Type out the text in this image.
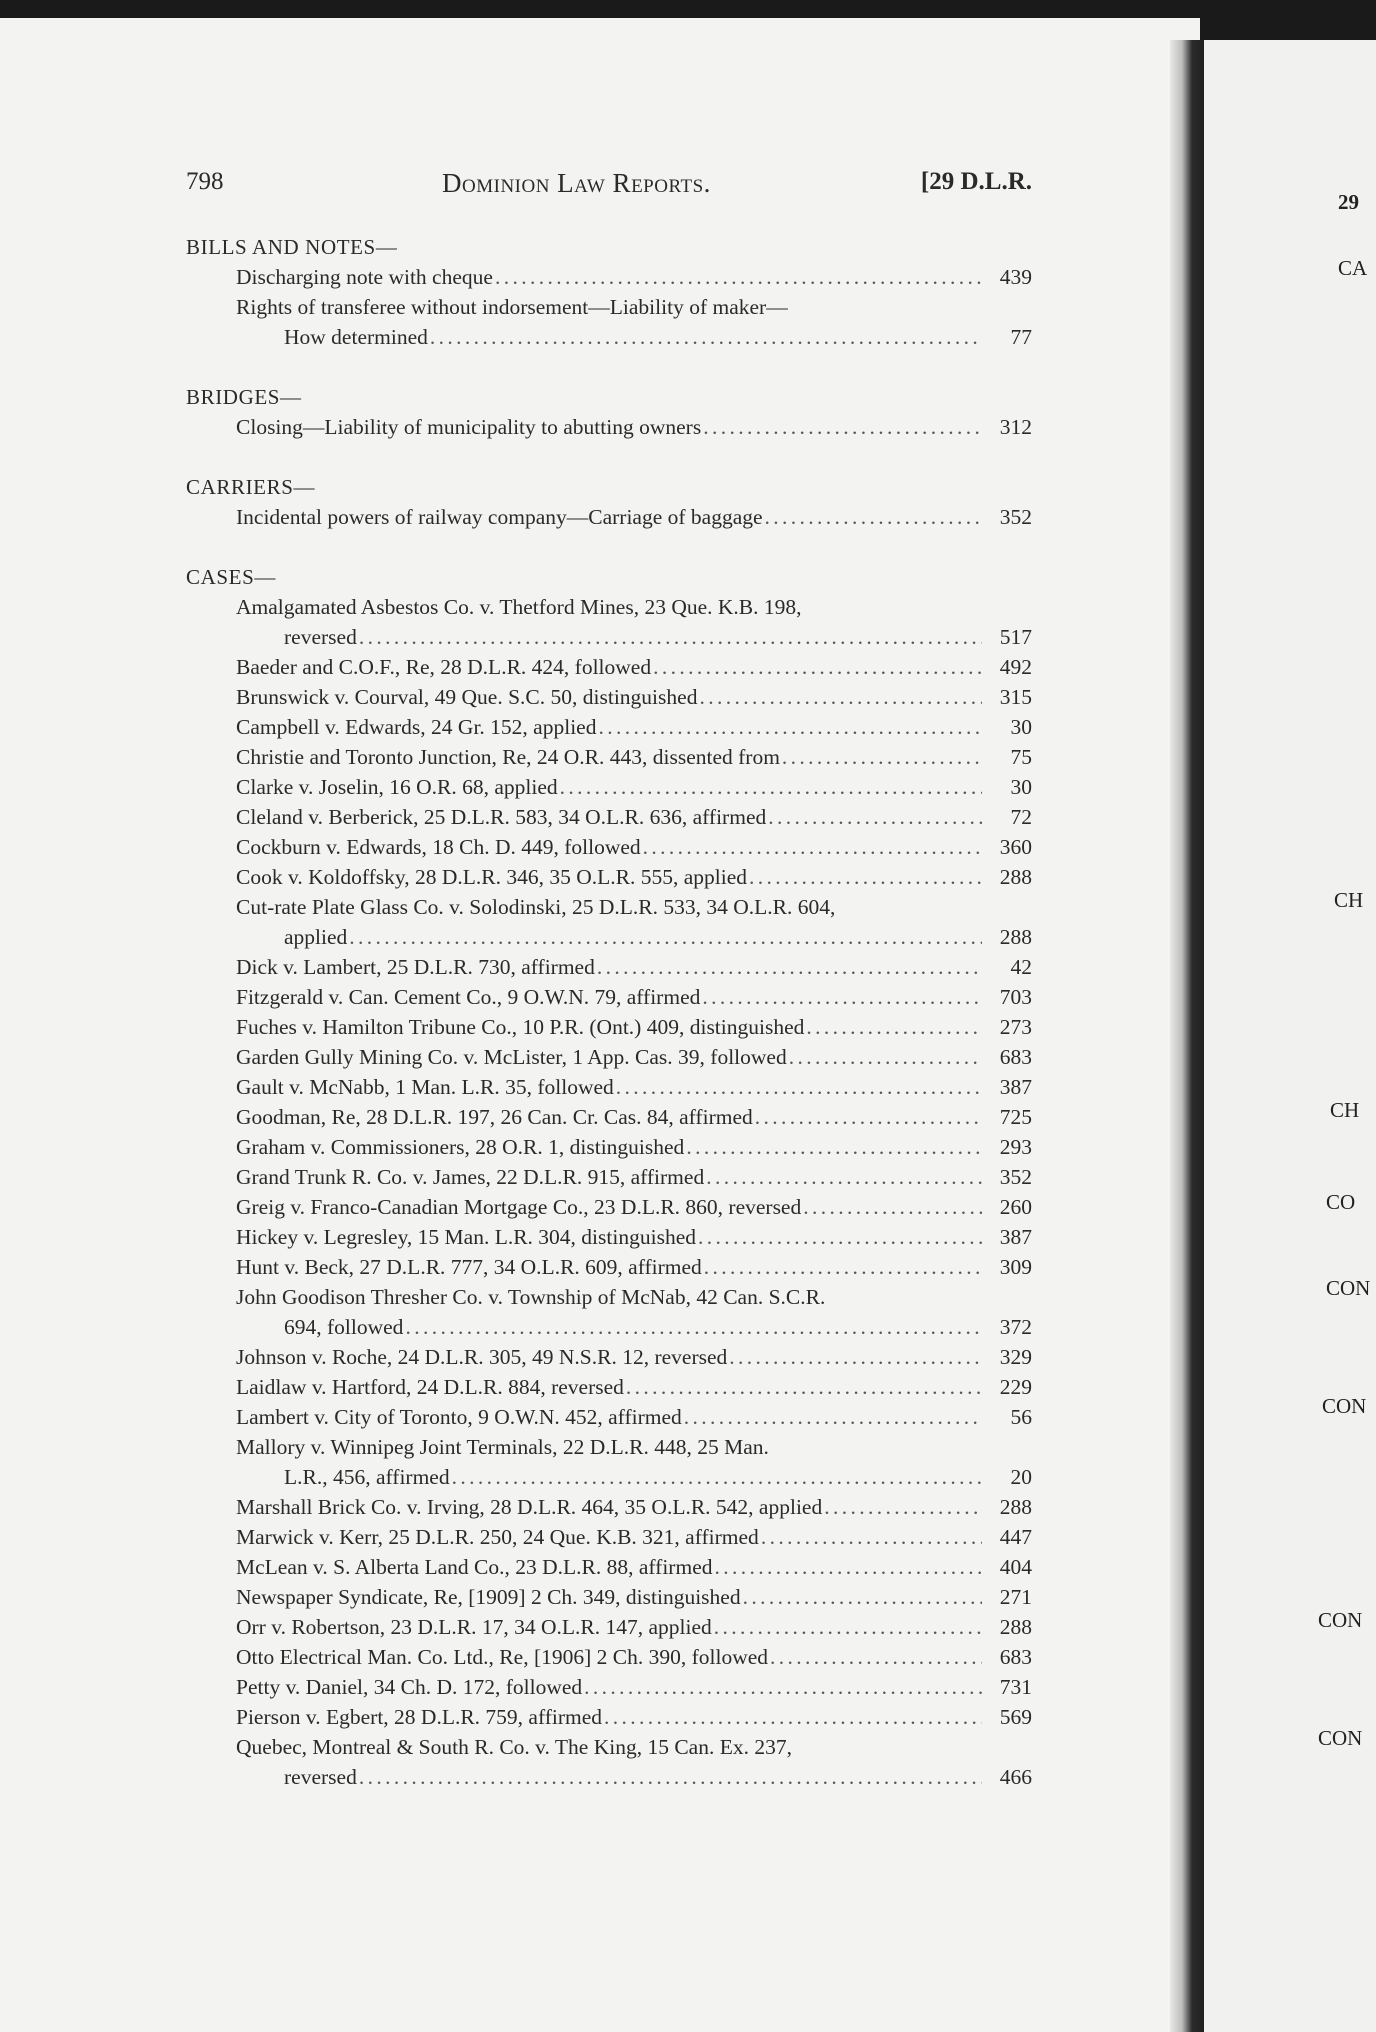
798	Dominion Law Reports.	[29 D.L.R.
BILLS AND NOTES—
Discharging note with cheque . . .	439
Rights of transferee without indorsement—Liability of maker—
How determined . . .	77
BRIDGES—
Closing—Liability of municipality to abutting owners . . .	312
CARRIERS—
Incidental powers of railway company—Carriage of baggage . . .	352
CASES—
Amalgamated Asbestos Co. v. Thetford Mines, 23 Que. K.B. 198,
reversed . . .	517
Baeder and C.O.F., Re, 28 D.L.R. 424, followed . . .	492
Brunswick v. Courval, 49 Que. S.C. 50, distinguished . . .	315
Campbell v. Edwards, 24 Gr. 152, applied . . .	30
Christie and Toronto Junction, Re, 24 O.R. 443, dissented from . . .	75
Clarke v. Joselin, 16 O.R. 68, applied . . .	30
Cleland v. Berberick, 25 D.L.R. 583, 34 O.L.R. 636, affirmed . . .	72
Cockburn v. Edwards, 18 Ch. D. 449, followed . . .	360
Cook v. Koldoffsky, 28 D.L.R. 346, 35 O.L.R. 555, applied . . .	288
Cut-rate Plate Glass Co. v. Solodinski, 25 D.L.R. 533, 34 O.L.R. 604,
applied . . .	288
Dick v. Lambert, 25 D.L.R. 730, affirmed . . .	42
Fitzgerald v. Can. Cement Co., 9 O.W.N. 79, affirmed . . .	703
Fuches v. Hamilton Tribune Co., 10 P.R. (Ont.) 409, distinguished . . .	273
Garden Gully Mining Co. v. McLister, 1 App. Cas. 39, followed . . .	683
Gault v. McNabb, 1 Man. L.R. 35, followed . . .	387
Goodman, Re, 28 D.L.R. 197, 26 Can. Cr. Cas. 84, affirmed . . .	725
Graham v. Commissioners, 28 O.R. 1, distinguished . . .	293
Grand Trunk R. Co. v. James, 22 D.L.R. 915, affirmed . . .	352
Greig v. Franco-Canadian Mortgage Co., 23 D.L.R. 860, reversed . . .	260
Hickey v. Legresley, 15 Man. L.R. 304, distinguished . . .	387
Hunt v. Beck, 27 D.L.R. 777, 34 O.L.R. 609, affirmed . . .	309
John Goodison Thresher Co. v. Township of McNab, 42 Can. S.C.R.
694, followed . . .	372
Johnson v. Roche, 24 D.L.R. 305, 49 N.S.R. 12, reversed . . .	329
Laidlaw v. Hartford, 24 D.L.R. 884, reversed . . .	229
Lambert v. City of Toronto, 9 O.W.N. 452, affirmed . . .	56
Mallory v. Winnipeg Joint Terminals, 22 D.L.R. 448, 25 Man.
L.R., 456, affirmed . . .	20
Marshall Brick Co. v. Irving, 28 D.L.R. 464, 35 O.L.R. 542, applied . . .	288
Marwick v. Kerr, 25 D.L.R. 250, 24 Que. K.B. 321, affirmed . . .	447
McLean v. S. Alberta Land Co., 23 D.L.R. 88, affirmed . . .	404
Newspaper Syndicate, Re, [1909] 2 Ch. 349, distinguished . . .	271
Orr v. Robertson, 23 D.L.R. 17, 34 O.L.R. 147, applied . . .	288
Otto Electrical Man. Co. Ltd., Re, [1906] 2 Ch. 390, followed . . .	683
Petty v. Daniel, 34 Ch. D. 172, followed . . .	731
Pierson v. Egbert, 28 D.L.R. 759, affirmed . . .	569
Quebec, Montreal & South R. Co. v. The King, 15 Can. Ex. 237,
reversed . . .	466
29
CA
CH
CH
CO
CON
CON
CON
CON
